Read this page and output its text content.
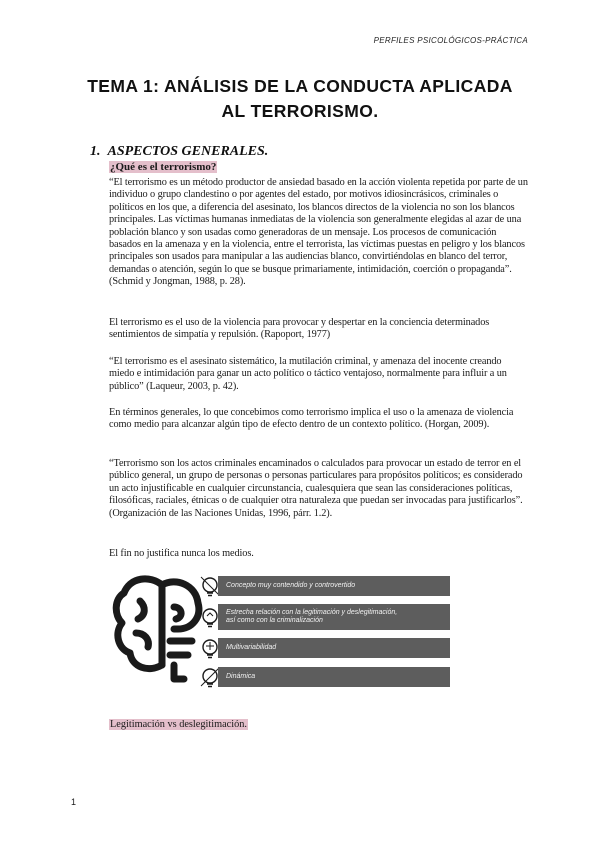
PERFILES PSICOLÓGICOS-PRÁCTICA
TEMA 1: ANÁLISIS DE LA CONDUCTA APLICADA
AL TERRORISMO.
1. ASPECTOS GENERALES.
¿Qué es el terrorismo?

“El terrorismo es un método productor de ansiedad basado en la acción violenta repetida por parte de un individuo o grupo clandestino o por agentes del estado, por motivos idiosincrásicos, criminales o políticos en los que, a diferencia del asesinato, los blancos directos de la violencia no son los blancos principales. Las víctimas humanas inmediatas de la violencia son generalmente elegidas al azar de una población blanco y son usadas como generadoras de un mensaje. Los procesos de comunicación basados en la amenaza y en la violencia, entre el terrorista, las víctimas puestas en peligro y los blancos principales son usados para manipular a las audiencias blanco, convirtiéndolas en blanco del terror, demandas o atención, según lo que se busque primariamente, intimidación, coerción o propaganda”. (Schmid y Jongman, 1988, p. 28).

El terrorismo es el uso de la violencia para provocar y despertar en la conciencia determinados sentimientos de simpatía y repulsión. (Rapoport, 1977)

“El terrorismo es el asesinato sistemático, la mutilación criminal, y amenaza del inocente creando miedo e intimidación para ganar un acto político o táctico ventajoso, normalmente para influir a un público” (Laqueur, 2003, p. 42).

En términos generales, lo que concebimos como terrorismo implica el uso o la amenaza de violencia como medio para alcanzar algún tipo de efecto dentro de un contexto político. (Horgan, 2009).

“Terrorismo son los actos criminales encaminados o calculados para provocar un estado de terror en el público general, un grupo de personas o personas particulares para propósitos políticos; es considerado un acto injustificable en cualquier circunstancia, cualesquiera que sean las consideraciones políticas, filosóficas, raciales, étnicas o de cualquier otra naturaleza que puedan ser invocadas para justificarlos”. (Organización de las Naciones Unidas, 1996, párr. 1.2).

El fin no justifica nunca los medios.

Concepto muy contendido y controvertido
Estrecha relación con la legitimación y deslegitimación,
así como con la criminalización
Multivariabilidad
Dinámica
Legitimación vs deslegitimación.
1
